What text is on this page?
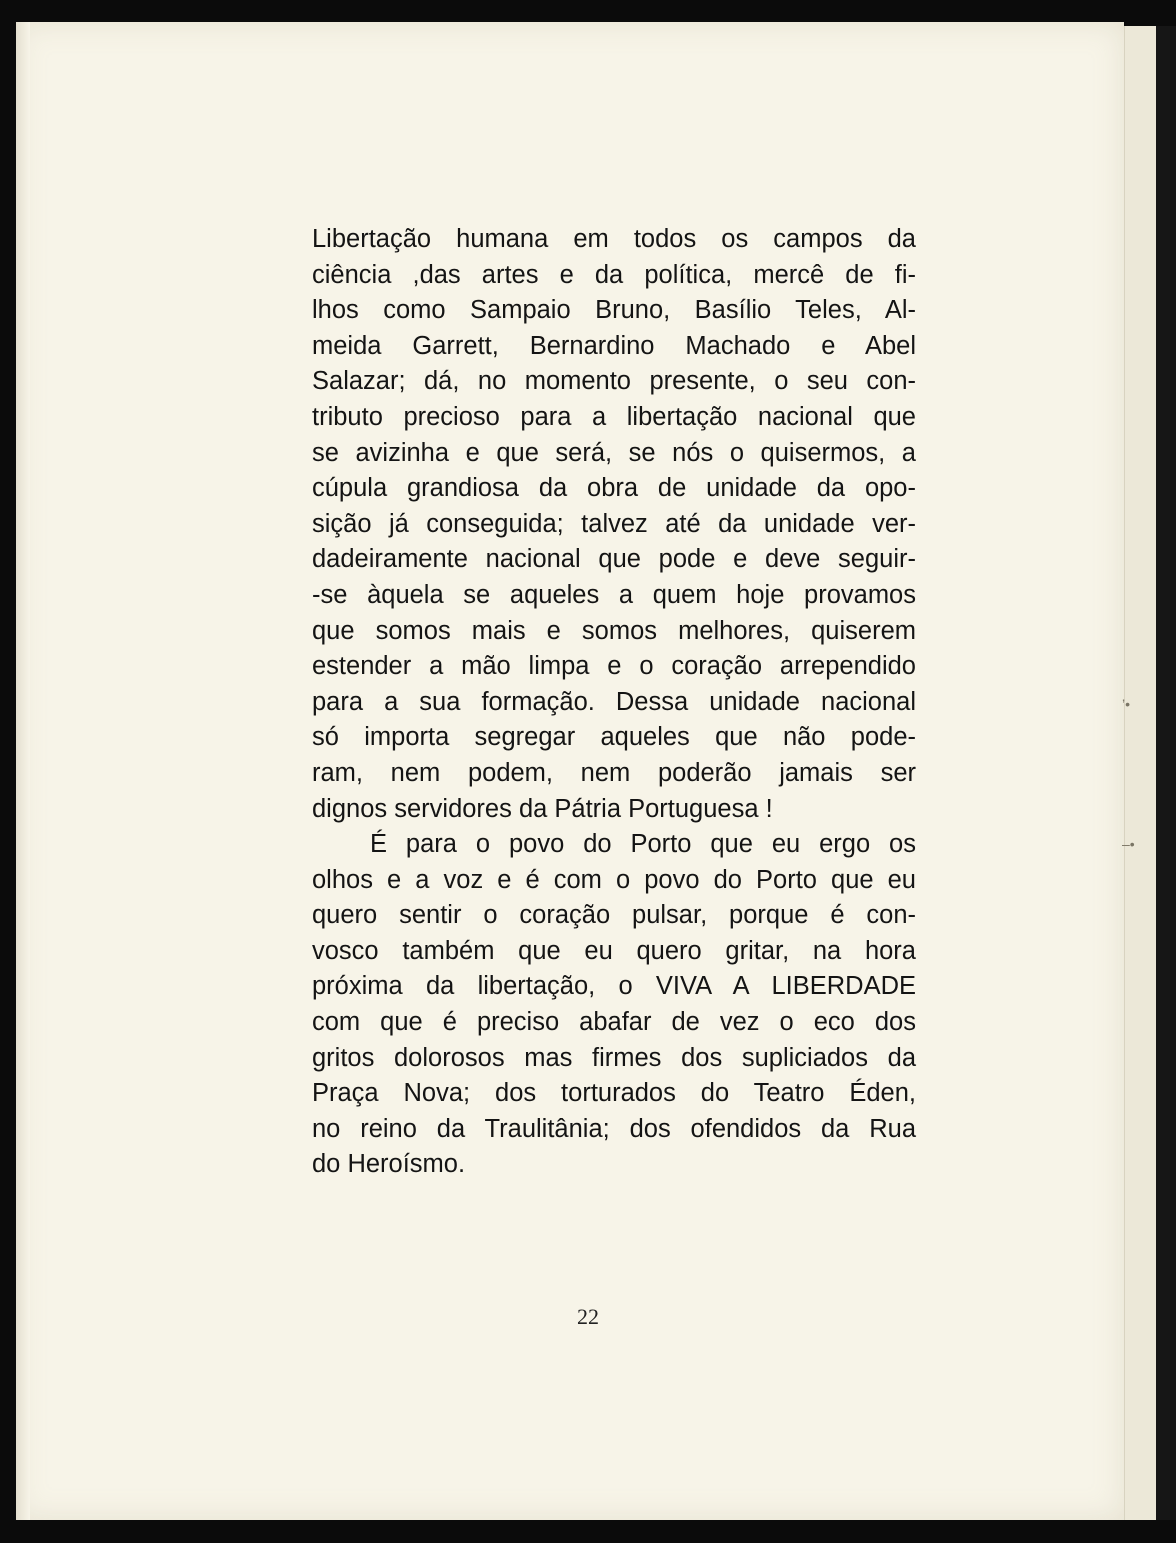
’•
–•
Libertação humana em todos os campos da
ciência ,das artes e da política, mercê de fi-
lhos como Sampaio Bruno, Basílio Teles, Al-
meida Garrett, Bernardino Machado e Abel
Salazar; dá, no momento presente, o seu con-
tributo precioso para a libertação nacional que
se avizinha e que será, se nós o quisermos, a
cúpula grandiosa da obra de unidade da opo-
sição já conseguida; talvez até da unidade ver-
dadeiramente nacional que pode e deve seguir-
-se àquela se aqueles a quem hoje provamos
que somos mais e somos melhores, quiserem
estender a mão limpa e o coração arrependido
para a sua formação. Dessa unidade nacional
só importa segregar aqueles que não pode-
ram, nem podem, nem poderão jamais ser
dignos servidores da Pátria Portuguesa !
É para o povo do Porto que eu ergo os
olhos e a voz e é com o povo do Porto que eu
quero sentir o coração pulsar, porque é con-
vosco também que eu quero gritar, na hora
próxima da libertação, o VIVA A LIBERDADE
com que é preciso abafar de vez o eco dos
gritos dolorosos mas firmes dos supliciados da
Praça Nova; dos torturados do Teatro Éden,
no reino da Traulitânia; dos ofendidos da Rua
do Heroísmo.
22
